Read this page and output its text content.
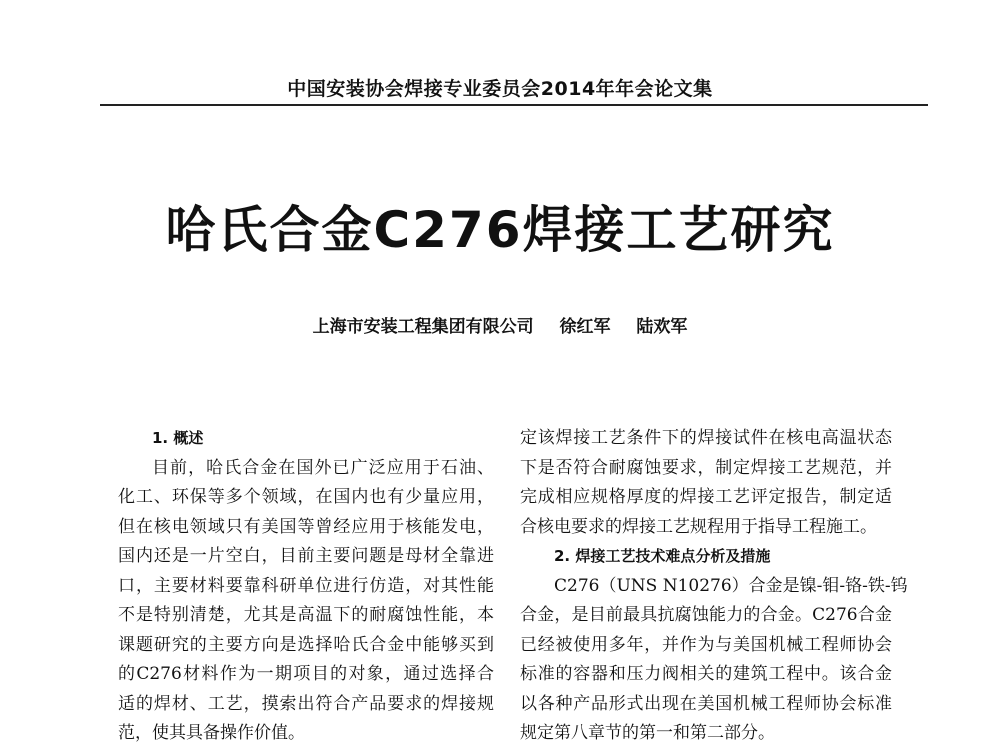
中国安装协会焊接专业委员会2014年年会论文集
哈氏合金C276焊接工艺研究
上海市安装工程集团有限公司 徐红军 陆欢军
1. 概述
目前，哈氏合金在国外已广泛应用于石油、
化工、环保等多个领域，在国内也有少量应用，
但在核电领域只有美国等曾经应用于核能发电，
国内还是一片空白，目前主要问题是母材全靠进
口，主要材料要靠科研单位进行仿造，对其性能
不是特别清楚，尤其是高温下的耐腐蚀性能，本
课题研究的主要方向是选择哈氏合金中能够买到
的C276材料作为一期项目的对象，通过选择合
适的焊材、工艺，摸索出符合产品要求的焊接规
范，使其具备操作价值。
定该焊接工艺条件下的焊接试件在核电高温状态
下是否符合耐腐蚀要求，制定焊接工艺规范，并
完成相应规格厚度的焊接工艺评定报告，制定适
合核电要求的焊接工艺规程用于指导工程施工。
2. 焊接工艺技术难点分析及措施
C276（UNS N10276）合金是镍-钼-铬-铁-钨
合金，是目前最具抗腐蚀能力的合金。C276合金
已经被使用多年，并作为与美国机械工程师协会
标准的容器和压力阀相关的建筑工程中。该合金
以各种产品形式出现在美国机械工程师协会标准
规定第八章节的第一和第二部分。
